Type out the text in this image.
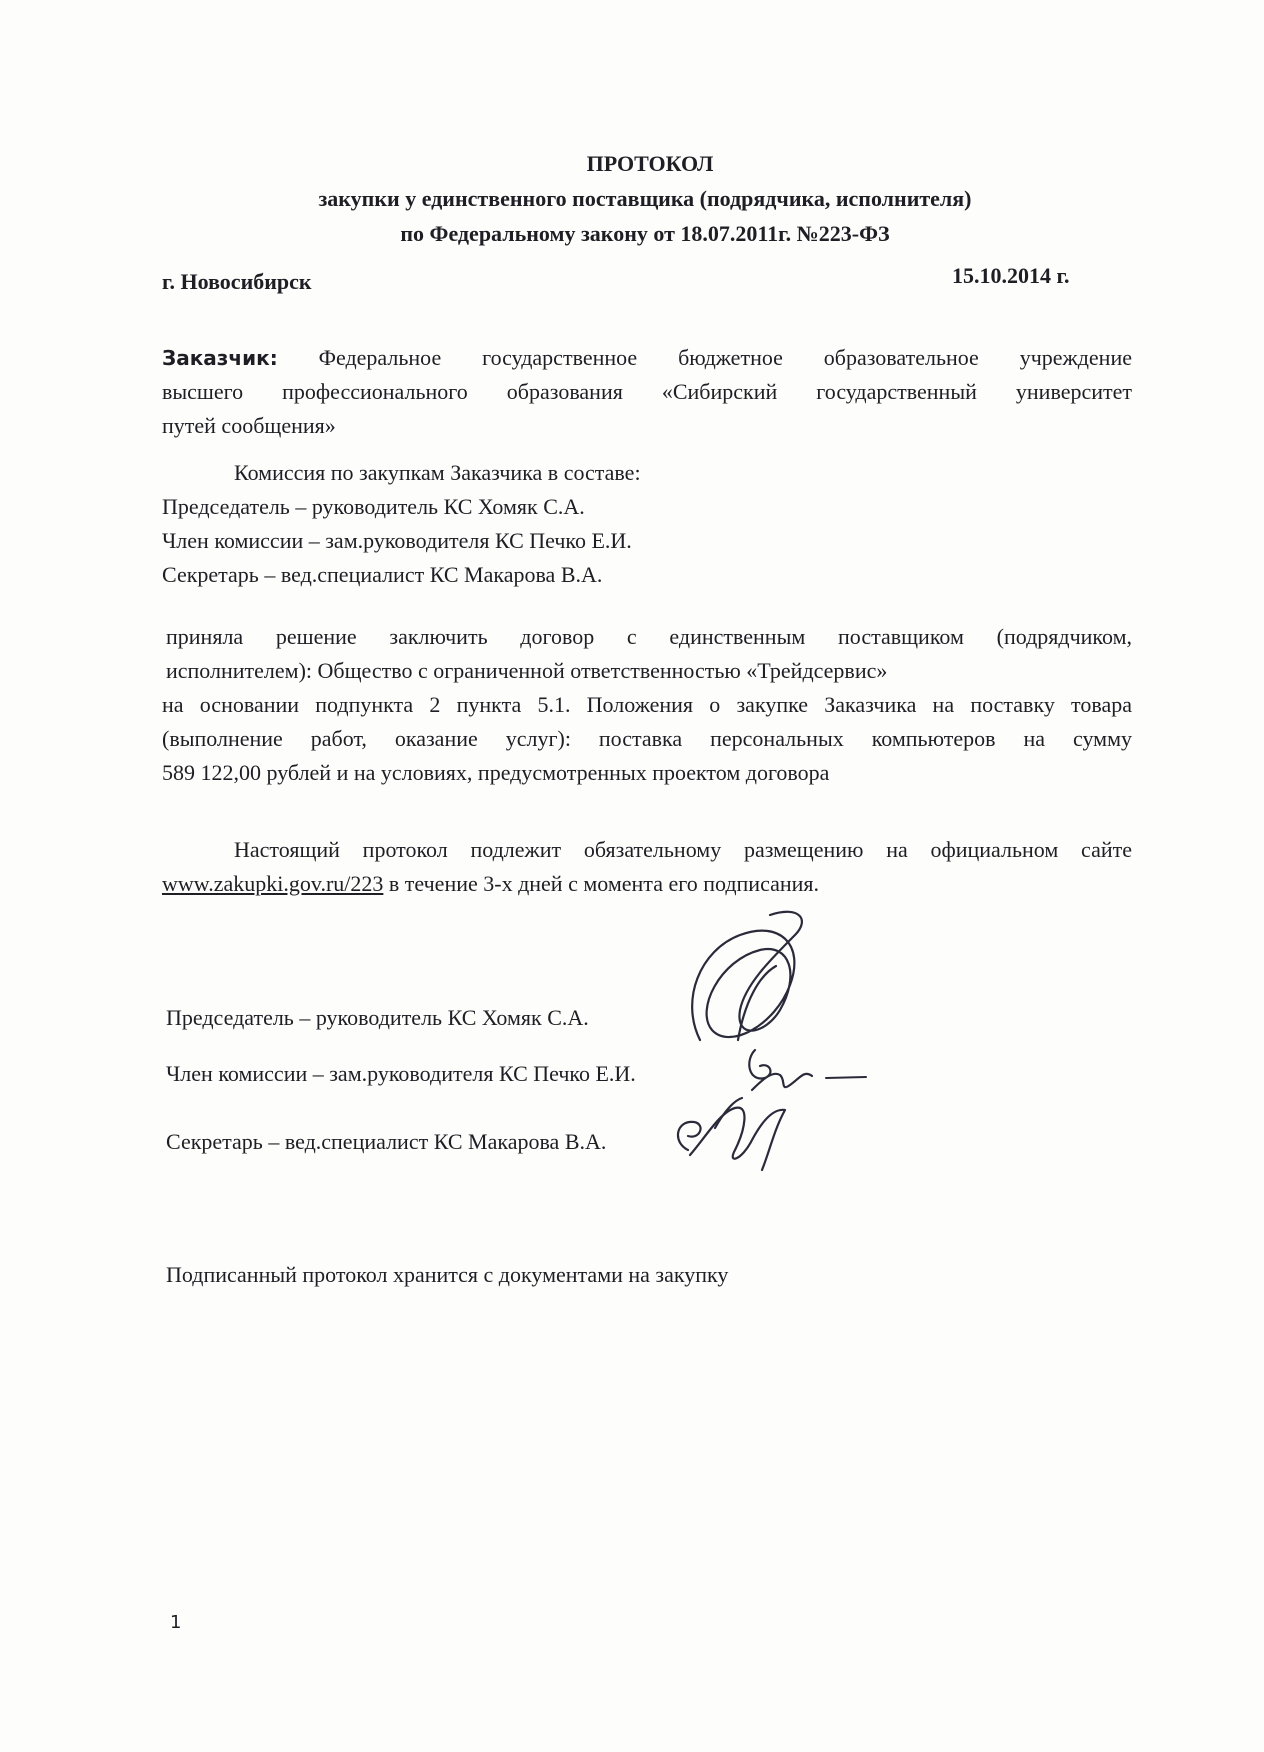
ПРОТОКОЛ
закупки у единственного поставщика (подрядчика, исполнителя)
по Федеральному закону от 18.07.2011г. №223-ФЗ
г. Новосибирск	15.10.2014 г.
Заказчик: Федеральное государственное бюджетное образовательное учреждение
высшего профессионального образования «Сибирский государственный университет
путей сообщения»
Комиссия по закупкам Заказчика в составе:
Председатель – руководитель КС Хомяк С.А.
Член комиссии – зам.руководителя КС Печко Е.И.
Секретарь – вед.специалист КС Макарова В.А.
приняла решение заключить договор с единственным поставщиком (подрядчиком,
исполнителем): Общество с ограниченной ответственностью «Трейдсервис»
на основании подпункта 2 пункта 5.1. Положения о закупке Заказчика на поставку товара
(выполнение работ, оказание услуг): поставка персональных компьютеров на сумму
589 122,00 рублей и на условиях, предусмотренных проектом договора
Настоящий протокол подлежит обязательному размещению на официальном сайте
www.zakupki.gov.ru/223 в течение 3-х дней с момента его подписания.
Председатель – руководитель КС Хомяк С.А.
Член комиссии – зам.руководителя КС Печко Е.И.
Секретарь – вед.специалист КС Макарова В.А.
Подписанный протокол хранится с документами на закупку
1
